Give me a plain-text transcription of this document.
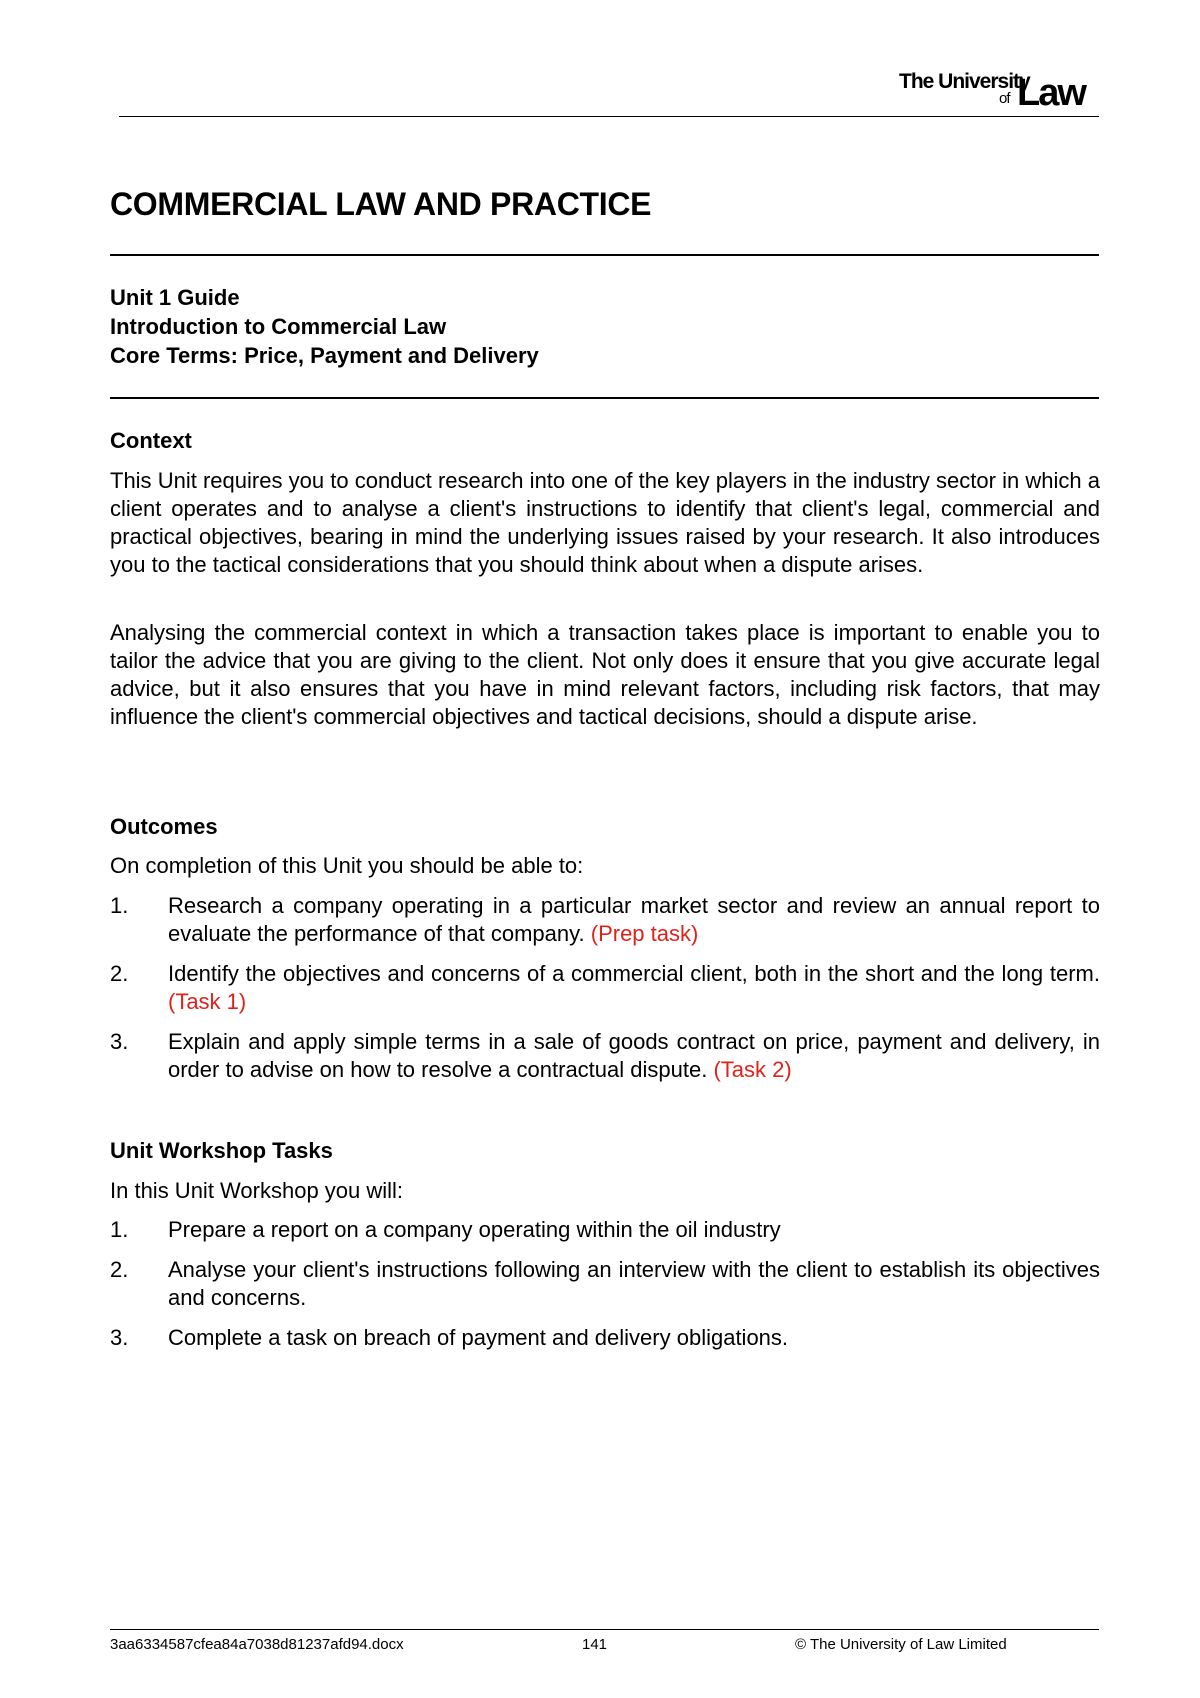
The University
of Law
COMMERCIAL LAW AND PRACTICE
Unit 1 Guide
Introduction to Commercial Law
Core Terms: Price, Payment and Delivery
Context

This Unit requires you to conduct research into one of the key players in the industry sector in which a client operates and to analyse a client's instructions to identify that client's legal, commercial and practical objectives, bearing in mind the underlying issues raised by your research. It also introduces you to the tactical considerations that you should think about when a dispute arises.

Analysing the commercial context in which a transaction takes place is important to enable you to tailor the advice that you are giving to the client. Not only does it ensure that you give accurate legal advice, but it also ensures that you have in mind relevant factors, including risk factors, that may influence the client's commercial objectives and tactical decisions, should a dispute arise.

Outcomes

On completion of this Unit you should be able to:

1. Research a company operating in a particular market sector and review an annual report to evaluate the performance of that company. (Prep task)
2. Identify the objectives and concerns of a commercial client, both in the short and the long term. (Task 1)
3. Explain and apply simple terms in a sale of goods contract on price, payment and delivery, in order to advise on how to resolve a contractual dispute. (Task 2)
Unit Workshop Tasks

In this Unit Workshop you will:

1. Prepare a report on a company operating within the oil industry
2. Analyse your client's instructions following an interview with the client to establish its objectives and concerns.
3. Complete a task on breach of payment and delivery obligations.
3aa6334587cfea84a7038d81237afd94.docx	141	© The University of Law Limited
